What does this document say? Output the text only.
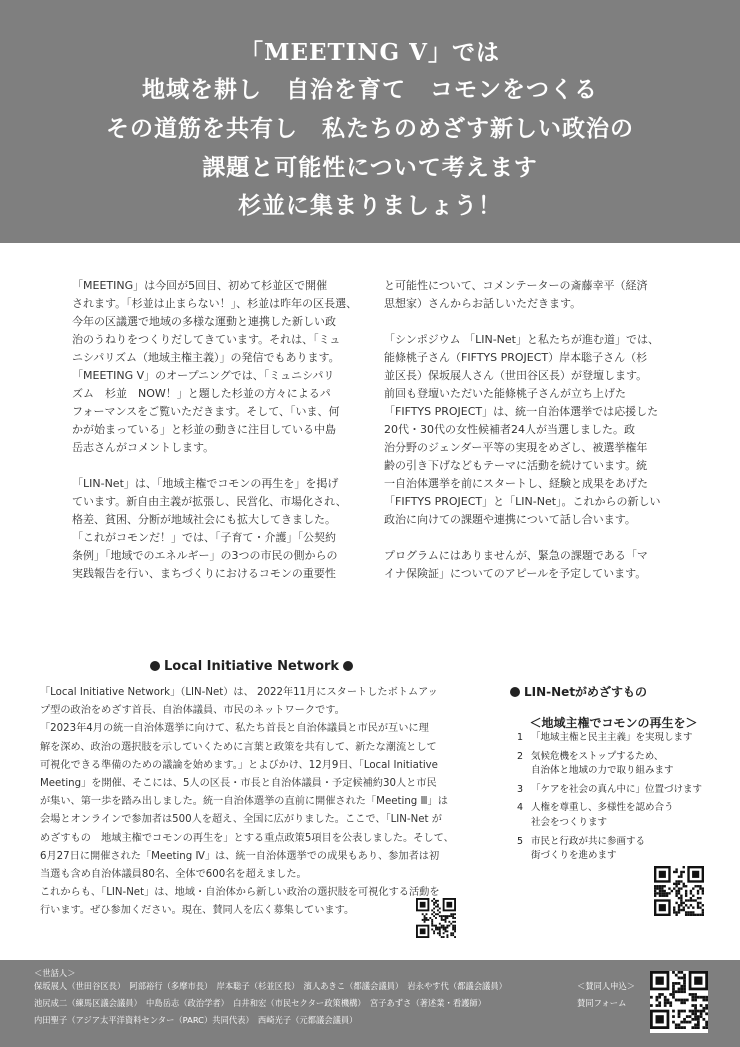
「MEETING Ⅴ」では
地域を耕し　自治を育て　コモンをつくる
その道筋を共有し　私たちのめざす新しい政治の
課題と可能性について考えます
杉並に集まりましょう！
「MEETING」は今回が5回目、初めて杉並区で開催
されます。「杉並は止まらない！」、杉並は昨年の区長選、
今年の区議選で地域の多様な運動と連携した新しい政
治のうねりをつくりだしてきています。それは、「ミュ
ニシパリズム（地域主権主義）」の発信でもあります。
「MEETING Ⅴ」のオープニングでは、「ミュニシパリ
ズム　杉並　NOW！」と題した杉並の方々によるパ
フォーマンスをご覧いただきます。そして、「いま、何
かが始まっている」と杉並の動きに注目している中島
岳志さんがコメントします。
「LIN-Net」は、「地域主権でコモンの再生を」を掲げ
ています。新自由主義が拡張し、民営化、市場化され、
格差、貧困、分断が地域社会にも拡大してきました。
「これがコモンだ！」では、「子育て・介護」「公契約
条例」「地域でのエネルギー」の3つの市民の側からの
実践報告を行い、まちづくりにおけるコモンの重要性
と可能性について、コメンテーターの斎藤幸平（経済
思想家）さんからお話しいただきます。
「シンポジウム 「LIN-Net」と私たちが進む道」では、
能條桃子さん（FIFTYS PROJECT）岸本聡子さん（杉
並区長）保坂展人さん（世田谷区長）が登壇します。
前回も登壇いただいた能條桃子さんが立ち上げた
「FIFTYS PROJECT」は、統一自治体選挙では応援した
20代・30代の女性候補者24人が当選しました。政
治分野のジェンダー平等の実現をめざし、被選挙権年
齢の引き下げなどもテーマに活動を続けています。統
一自治体選挙を前にスタートし、経験と成果をあげた
「FIFTYS PROJECT」と「LIN-Net」。これからの新しい
政治に向けての課題や連携について話し合います。
プログラムにはありませんが、緊急の課題である「マ
イナ保険証」についてのアピールを予定しています。
Local Initiative Network
「Local Initiative Network」（LIN-Net）は、 2022年11月にスタートしたボトムアッ
プ型の政治をめざす首長、自治体議員、市民のネットワークです。
「2023年4月の統一自治体選挙に向けて、私たち首長と自治体議員と市民が互いに理
解を深め、政治の選択肢を示していくために言葉と政策を共有して、新たな潮流として
可視化できる準備のための議論を始めます。」とよびかけ、12月9日、「Local Initiative
Meeting」を開催、そこには、5人の区長・市長と自治体議員・予定候補約30人と市民
が集い、第一歩を踏み出しました。統一自治体選挙の直前に開催された「Meeting Ⅲ」は
会場とオンラインで参加者は500人を超え、全国に広がりました。ここで、「LIN-Net が
めざすもの　地域主権でコモンの再生を」とする重点政策5項目を公表しました。そして、
6月27日に開催された「Meeting Ⅳ」は、統一自治体選挙での成果もあり、参加者は初
当選も含め自治体議員80名、全体で600名を超えました。
これからも、「LIN-Net」は、地域・自治体から新しい政治の選択肢を可視化する活動を
行います。ぜひ参加ください。現在、賛同人を広く募集しています。
LIN-Netがめざすもの
＜地域主権でコモンの再生を＞
1 「地域主権と民主主義」を実現します
2 気候危機をストップするため、
自治体と地域の力で取り組みます
3 「ケアを社会の真ん中に」位置づけます
4 人権を尊重し、多様性を認め合う
社会をつくります
5 市民と行政が共に参画する
街づくりを進めます
＜世話人＞
保坂展人（世田谷区長）　阿部裕行（多摩市長）　岸本聡子（杉並区長）　濱人あきこ（都議会議員）　岩永やす代（都議会議員）
池尻成二（練馬区議会議員）　中島岳志（政治学者）　白井和宏（市民セクター政策機構）　宮子あずさ（著述業・看護師）
内田聖子（アジア太平洋資料センター（PARC）共同代表）　西崎光子（元都議会議員）
＜賛同人申込＞
賛同フォーム
